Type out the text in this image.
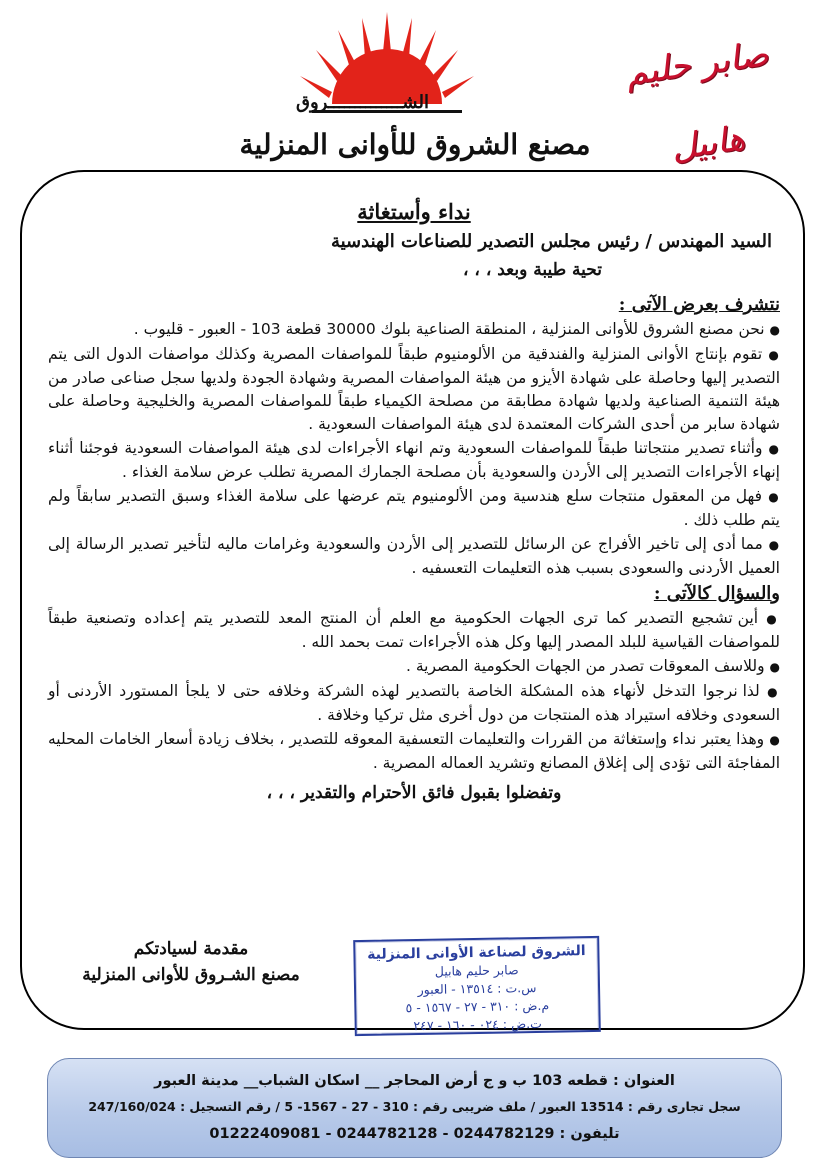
الشــــــــــــــروق
مصنع الشروق للأوانى المنزلية
صابر حليم هابيل
نداء وأستغاثة
السيد المهندس / رئيس مجلس التصدير للصناعات الهندسية
تحية طيبة وبعد ، ، ،
نتشرف بعرض الآتى :

● نحن مصنع الشروق للأوانى المنزلية ، المنطقة الصناعية بلوك 30000 قطعة 103 - العبور - قليوب .

● تقوم بإنتاج الأوانى المنزلية والفندقية من الألومنيوم طبقاً للمواصفات المصرية وكذلك مواصفات الدول التى يتم التصدير إليها وحاصلة على شهادة الأيزو من هيئة المواصفات المصرية وشهادة الجودة ولديها سجل صناعى صادر من هيئة التنمية الصناعية ولديها شهادة مطابقة من مصلحة الكيمياء طبقاً للمواصفات المصرية والخليجية وحاصلة على شهادة سابر من أحدى الشركات المعتمدة لدى هيئة المواصفات السعودية .

● وأثناء تصدير منتجاتنا طبقاً للمواصفات السعودية وتم انهاء الأجراءات لدى هيئة المواصفات السعودية فوجئنا أثناء إنهاء الأجراءات التصدير إلى الأردن والسعودية بأن مصلحة الجمارك المصرية تطلب عرض سلامة الغذاء .

● فهل من المعقول منتجات سلع هندسية ومن الألومنيوم يتم عرضها على سلامة الغذاء وسبق التصدير سابقاً ولم يتم طلب ذلك .

● مما أدى إلى تاخير الأفراج عن الرسائل للتصدير إلى الأردن والسعودية وغرامات ماليه لتأخير تصدير الرسالة إلى العميل الأردنى والسعودى بسبب هذه التعليمات التعسفيه .

والسؤال كالآتى :

● أين تشجيع التصدير كما ترى الجهات الحكومية مع العلم أن المنتج المعد للتصدير يتم إعداده وتصنعية طبقاً للمواصفات القياسية للبلد المصدر إليها وكل هذه الأجراءات تمت بحمد الله .

● وللاسف المعوقات تصدر من الجهات الحكومية المصرية .

● لذا نرجوا التدخل لأنهاء هذه المشكلة الخاصة بالتصدير لهذه الشركة وخلافه حتى لا يلجأ المستورد الأردنى أو السعودى وخلافه استيراد هذه المنتجات من دول أخرى مثل تركيا وخلافة .

● وهذا يعتبر نداء وإستغاثة من القررات والتعليمات التعسفية المعوقه للتصدير ، بخلاف زيادة أسعار الخامات المحليه المفاجئة التى تؤدى إلى إغلاق المصانع وتشريد العماله المصرية .

وتفضلوا بقبول فائق الأحترام والتقدير ، ، ،
مقدمة لسيادتكم
مصنع الشـروق للأوانى المنزلية
الشروق لصناعة الأوانى المنزلية
صابر حليم هابيل
س.ت : ١٣٥١٤ - العبور
م.ض : ٣١٠ - ٢٧ - ١٥٦٧ - ٥
ت.ض : ٠٢٤ - ١٦٠ - ٢٤٧
العنوان : قطعه 103 ب و ج أرض المحاجر __ اسكان الشباب__ مدينة العبور
سجل تجارى رقم : 13514 العبور / ملف ضريبى رقم : 310 - 27 - 1567- 5 / رقم التسجيل : 247/160/024
تليفون : 0244782129 - 0244782128 - 01222409081
